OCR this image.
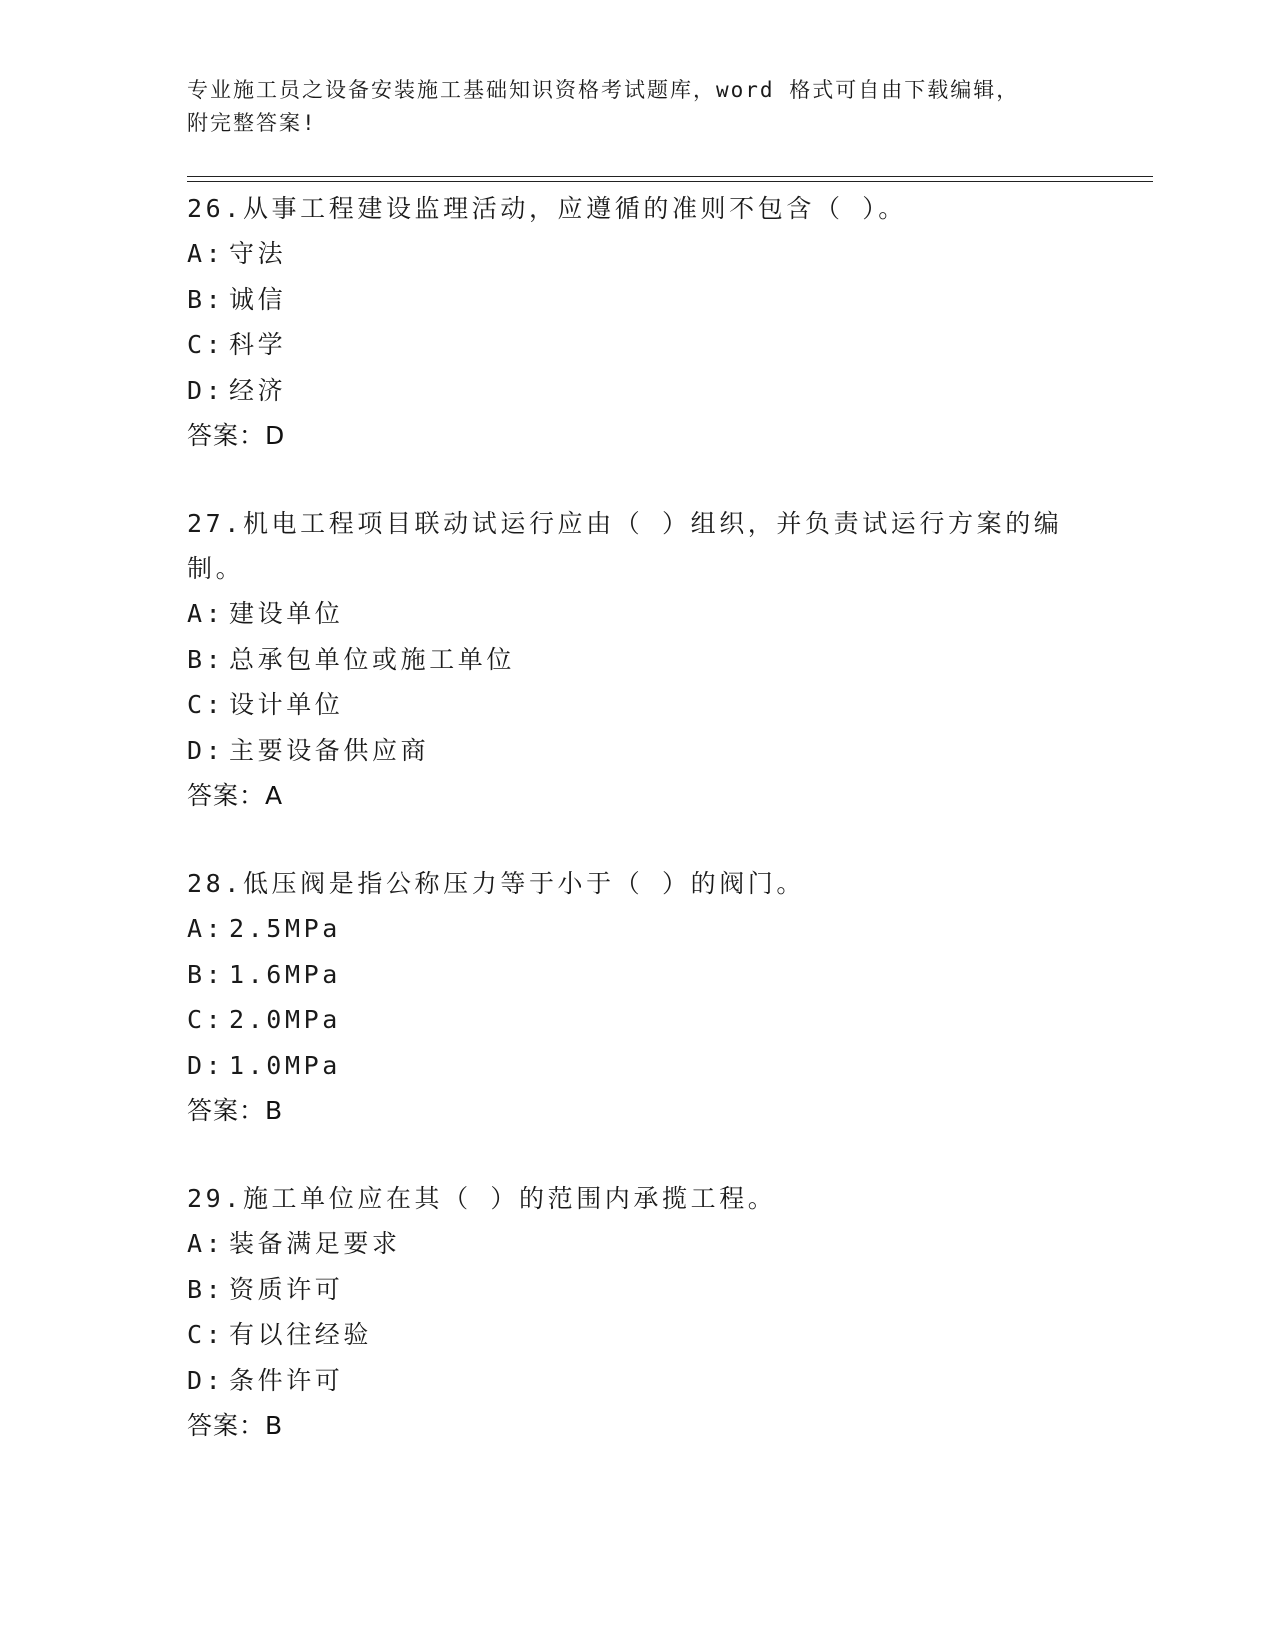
专业施工员之设备安装施工基础知识资格考试题库，word 格式可自由下载编辑，
附完整答案!
26.从事工程建设监理活动，应遵循的准则不包含（ ）。
A: 守法
B: 诚信
C: 科学
D: 经济
答案：D
27.机电工程项目联动试运行应由（ ）组织，并负责试运行方案的编制。
A: 建设单位
B: 总承包单位或施工单位
C: 设计单位
D: 主要设备供应商
答案：A
28.低压阀是指公称压力等于小于（ ）的阀门。
A: 2.5MPa
B: 1.6MPa
C: 2.0MPa
D: 1.0MPa
答案：B
29.施工单位应在其（ ）的范围内承揽工程。
A: 装备满足要求
B: 资质许可
C: 有以往经验
D: 条件许可
答案：B
